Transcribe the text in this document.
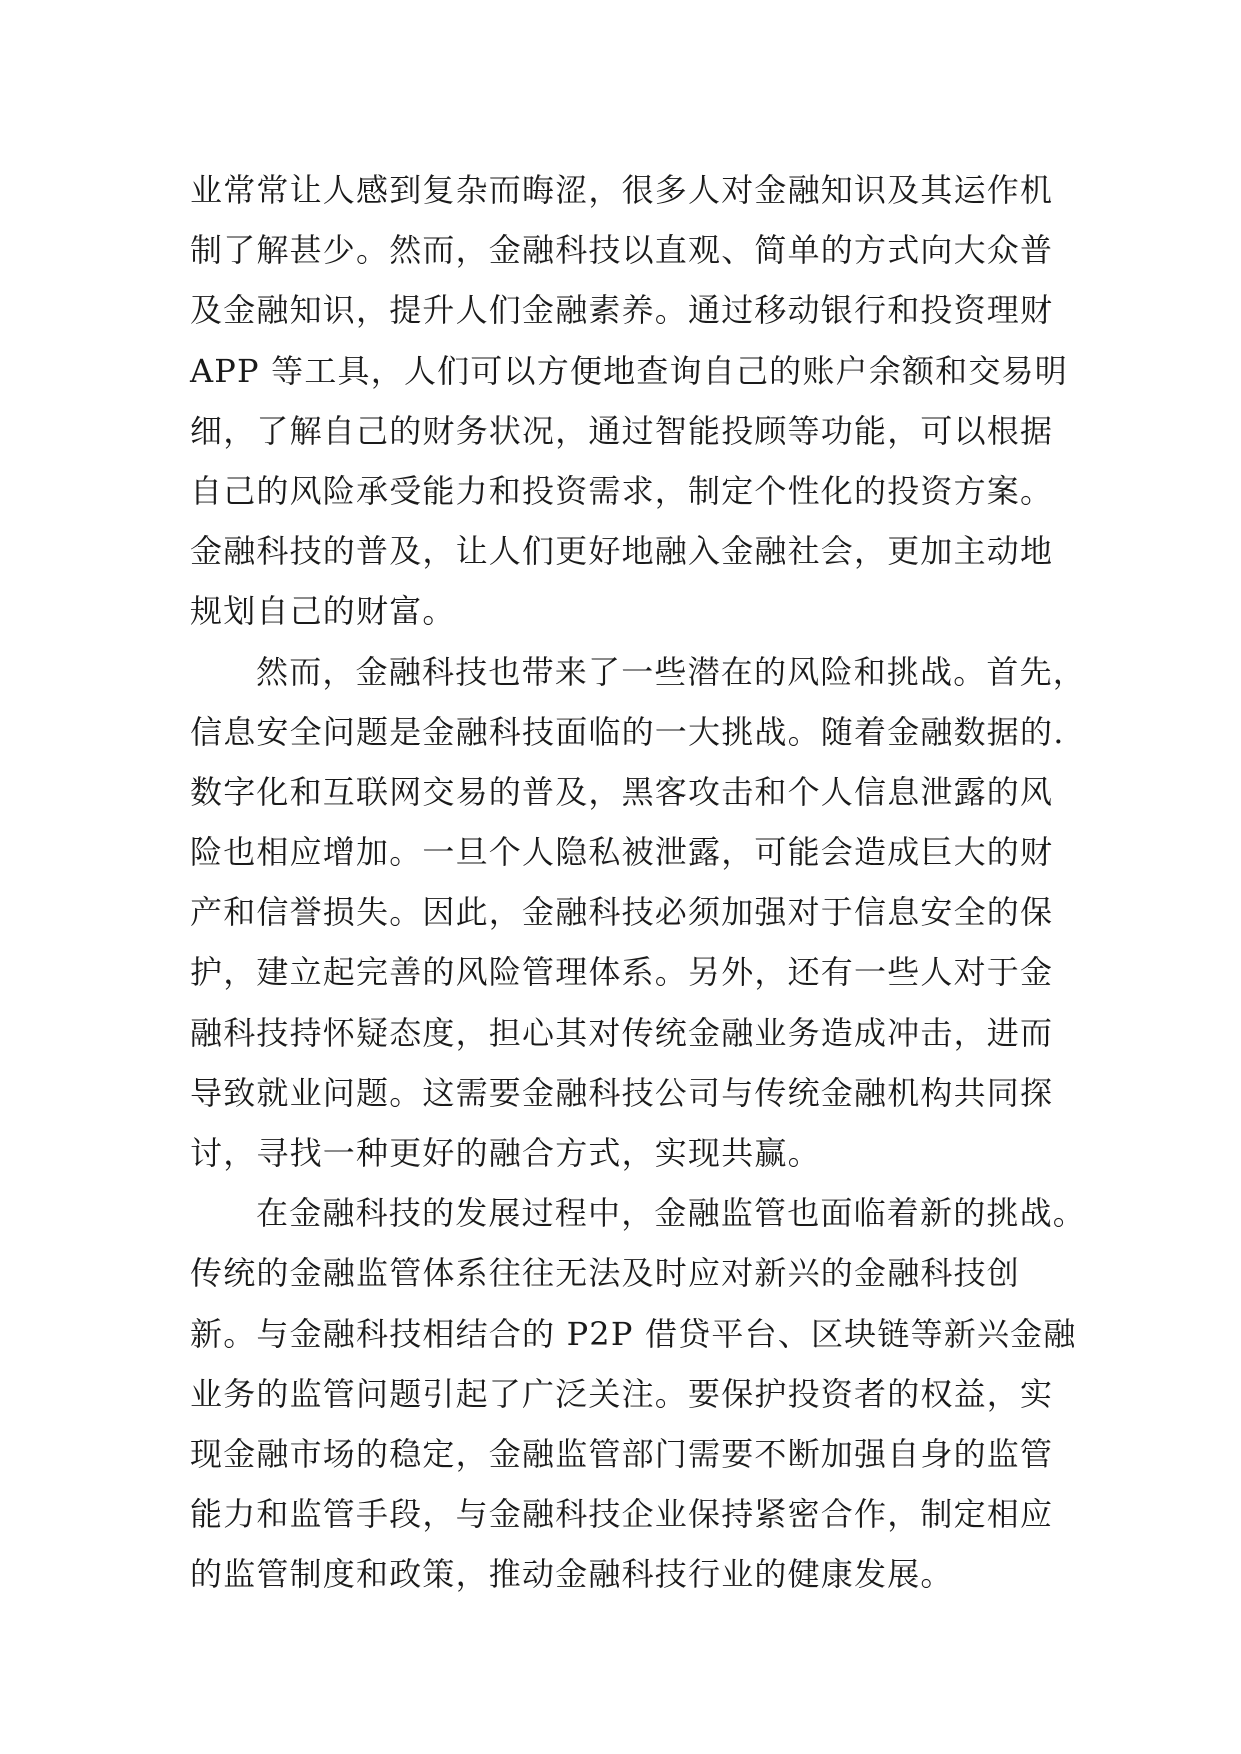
业常常让人感到复杂而晦涩，很多人对金融知识及其运作机
制了解甚少。然而，金融科技以直观、简单的方式向大众普
及金融知识，提升人们金融素养。通过移动银行和投资理财
APP 等工具，人们可以方便地查询自己的账户余额和交易明
细，了解自己的财务状况，通过智能投顾等功能，可以根据
自己的风险承受能力和投资需求，制定个性化的投资方案。
金融科技的普及，让人们更好地融入金融社会，更加主动地
规划自己的财富。
然而，金融科技也带来了一些潜在的风险和挑战。首先，
信息安全问题是金融科技面临的一大挑战。随着金融数据的.
数字化和互联网交易的普及，黑客攻击和个人信息泄露的风
险也相应增加。一旦个人隐私被泄露，可能会造成巨大的财
产和信誉损失。因此，金融科技必须加强对于信息安全的保
护，建立起完善的风险管理体系。另外，还有一些人对于金
融科技持怀疑态度，担心其对传统金融业务造成冲击，进而
导致就业问题。这需要金融科技公司与传统金融机构共同探
讨，寻找一种更好的融合方式，实现共赢。
在金融科技的发展过程中，金融监管也面临着新的挑战。
传统的金融监管体系往往无法及时应对新兴的金融科技创
新。与金融科技相结合的 P2P 借贷平台、区块链等新兴金融
业务的监管问题引起了广泛关注。要保护投资者的权益，实
现金融市场的稳定，金融监管部门需要不断加强自身的监管
能力和监管手段，与金融科技企业保持紧密合作，制定相应
的监管制度和政策，推动金融科技行业的健康发展。
